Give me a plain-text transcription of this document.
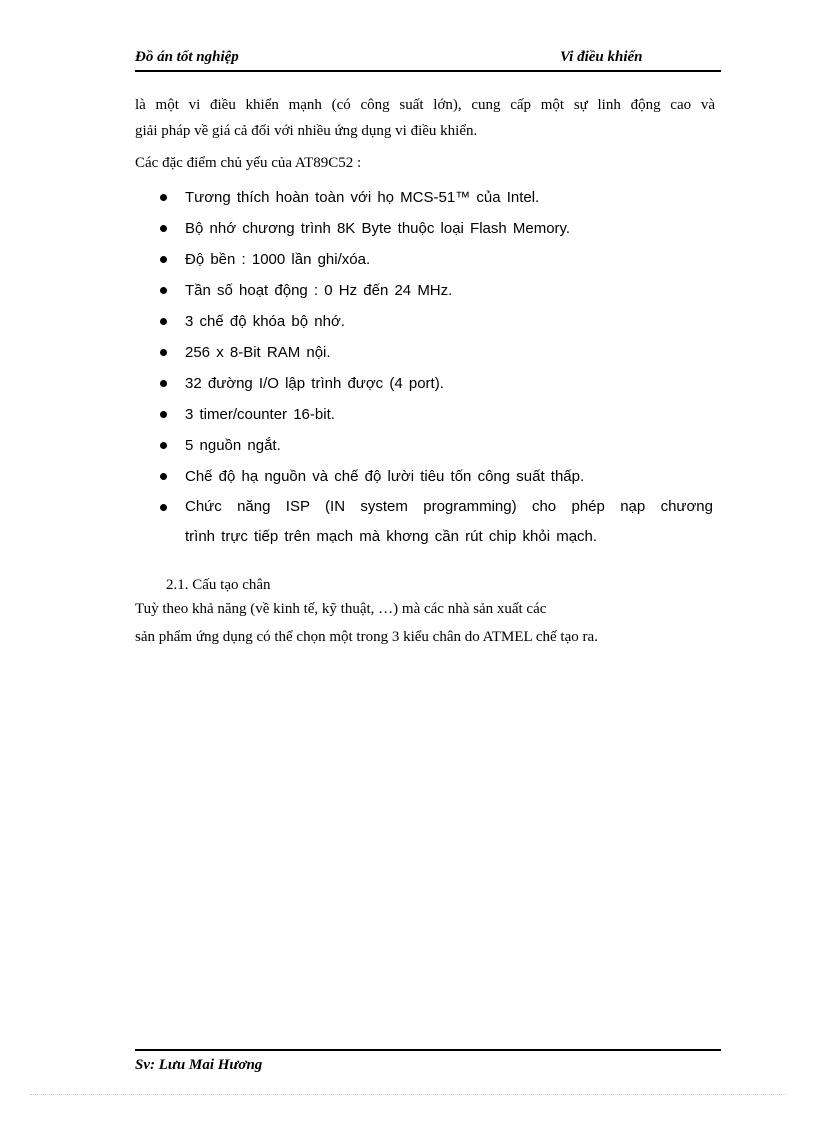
Đồ án tốt nghiệp	Vi điều khiển
là một vi điều khiển mạnh (có công suất lớn), cung cấp một sự linh động cao và
giải pháp về giá cả đối với nhiều ứng dụng vi điều khiển.
Các đặc điểm chủ yếu của AT89C52 :
Tương thích hoàn toàn với họ MCS-51™ của Intel.
Bộ nhớ chương trình 8K Byte thuộc loại Flash Memory.
Độ bền : 1000 lần ghi/xóa.
Tần số hoạt động : 0 Hz đến 24 MHz.
3 chế độ khóa bộ nhớ.
256 x 8-Bit RAM nội.
32 đường I/O lập trình được (4 port).
3 timer/counter 16-bit.
5 nguồn ngắt.
Chế độ hạ nguồn và chế độ lười tiêu tốn công suất thấp.
Chức năng ISP (IN system programming) cho phép nạp chương
trình trực tiếp trên mạch mà khơng cần rút chip khỏi mạch.
2.1. Cấu tạo chân
Tuỳ theo khả năng (về kinh tế, kỹ thuật, …) mà các nhà sản xuất các
sản phẩm ứng dụng có thể chọn một trong 3 kiểu chân do ATMEL chế tạo ra.
Sv: Lưu Mai Hương
